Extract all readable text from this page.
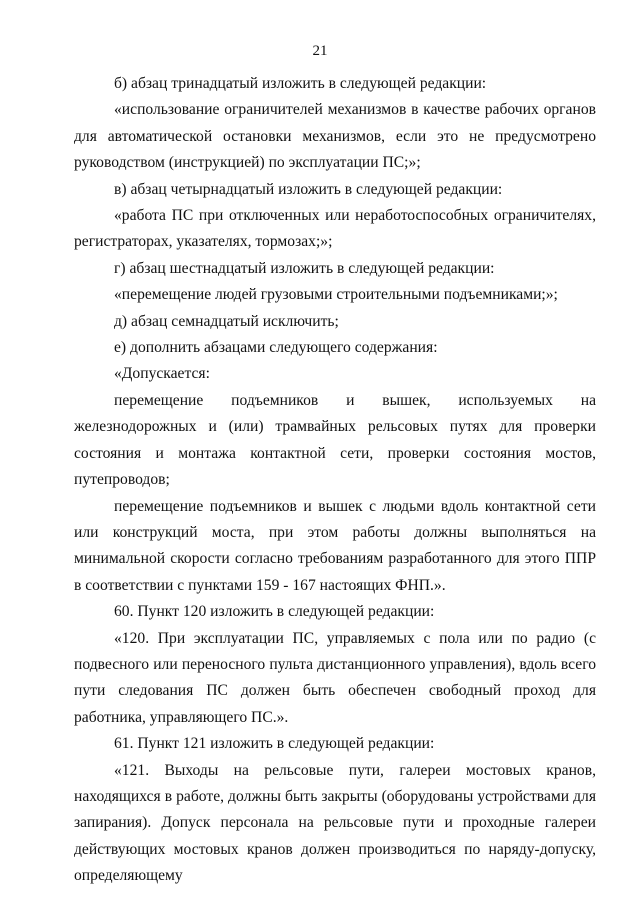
21

б) абзац тринадцатый изложить в следующей редакции:

«использование ограничителей механизмов в качестве рабочих органов для автоматической остановки механизмов, если это не предусмотрено руководством (инструкцией) по эксплуатации ПС;»;

в) абзац четырнадцатый изложить в следующей редакции:

«работа ПС при отключенных или неработоспособных ограничителях, регистраторах, указателях, тормозах;»;

г) абзац шестнадцатый изложить в следующей редакции:

«перемещение людей грузовыми строительными подъемниками;»;

д) абзац семнадцатый исключить;

е) дополнить абзацами следующего содержания:

«Допускается:

перемещение подъемников и вышек, используемых на железнодорожных и (или) трамвайных рельсовых путях для проверки состояния и монтажа контактной сети, проверки состояния мостов, путепроводов;

перемещение подъемников и вышек с людьми вдоль контактной сети или конструкций моста, при этом работы должны выполняться на минимальной скорости согласно требованиям разработанного для этого ППР в соответствии с пунктами 159 - 167 настоящих ФНП.».

60. Пункт 120 изложить в следующей редакции:

«120. При эксплуатации ПС, управляемых с пола или по радио (с подвесного или переносного пульта дистанционного управления), вдоль всего пути следования ПС должен быть обеспечен свободный проход для работника, управляющего ПС.».

61. Пункт 121 изложить в следующей редакции:

«121. Выходы на рельсовые пути, галереи мостовых кранов, находящихся в работе, должны быть закрыты (оборудованы устройствами для запирания). Допуск персонала на рельсовые пути и проходные галереи действующих мостовых кранов должен производиться по наряду-допуску, определяющему
